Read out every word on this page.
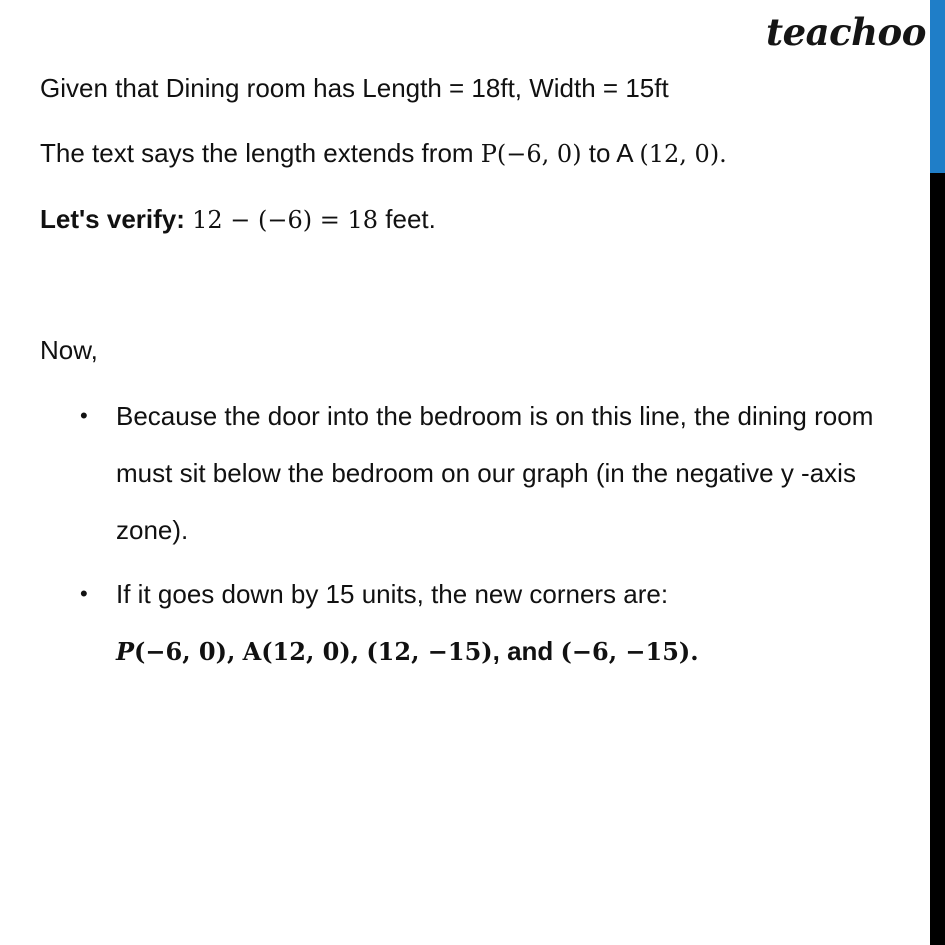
teachoo
Given that Dining room has Length = 18ft, Width = 15ft
The text says the length extends from P(−6, 0) to A (12, 0).
Let's verify: 12 − (−6) = 18 feet.
Now,
• Because the door into the bedroom is on this line, the dining room must sit below the bedroom on our graph (in the negative y -axis zone).
• If it goes down by 15 units, the new corners are:
P(−6, 0), A(12, 0), (12, −15), and (−6, −15).
